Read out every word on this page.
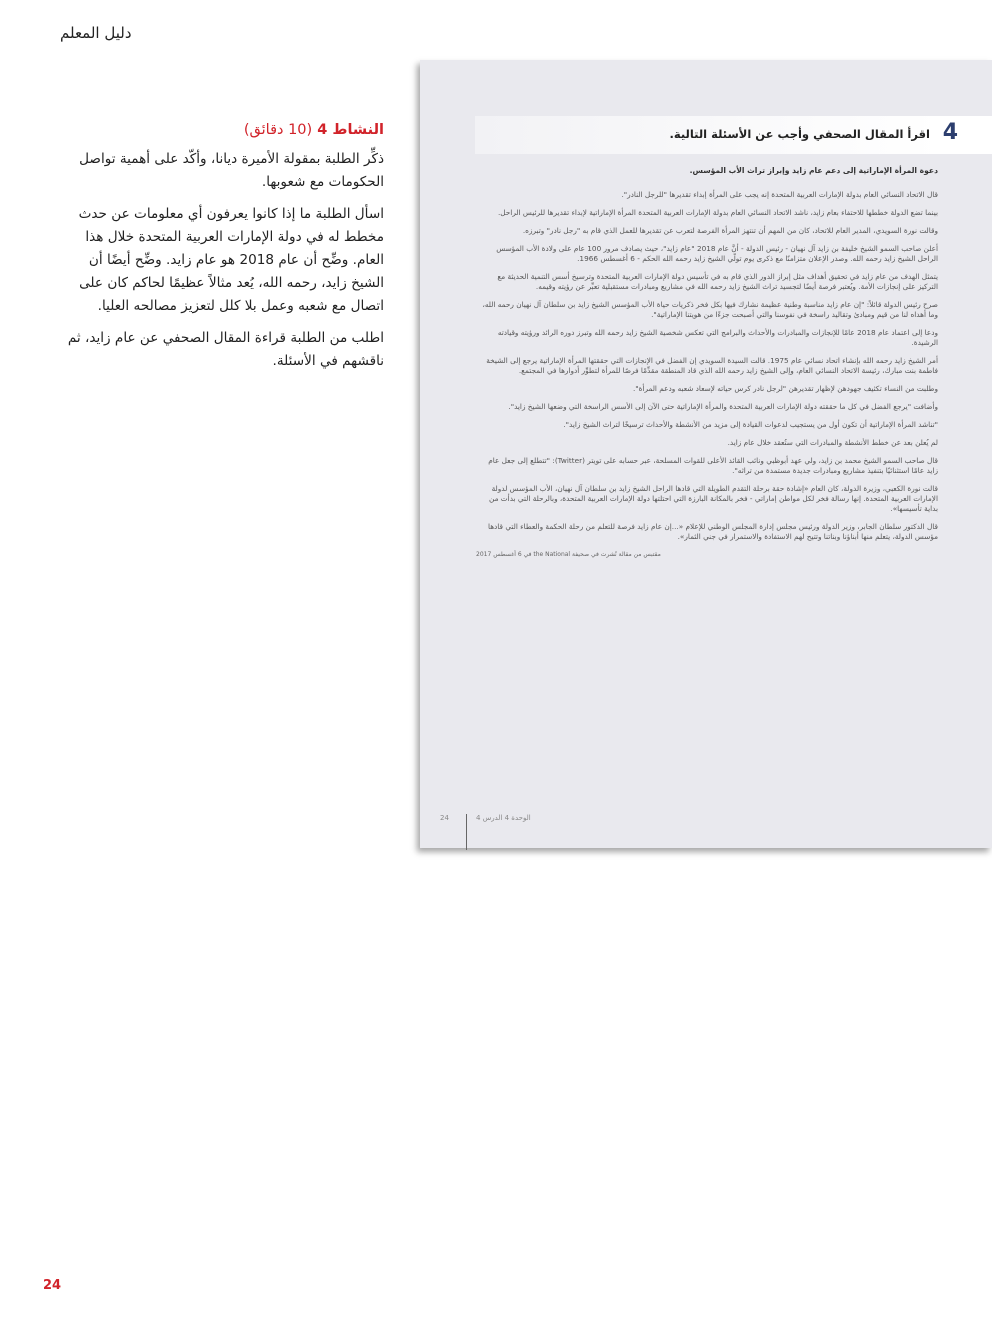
دليل المعلم
النشاط 4 (10 دقائق)

ذكِّر الطلبة بمقولة الأميرة ديانا، وأكّد على أهمية تواصل الحكومات مع شعوبها.

اسأل الطلبة ما إذا كانوا يعرفون أي معلومات عن حدث مخطط له في دولة الإمارات العربية المتحدة خلال هذا العام. وضِّح أن عام 2018 هو عام زايد. وضِّح أيضًا أن الشيخ زايد، رحمه الله، يُعد مثالاً عظيمًا لحاكم كان على اتصال مع شعبه وعمل بلا كلل لتعزيز مصالحه العليا.

اطلب من الطلبة قراءة المقال الصحفي عن عام زايد، ثم ناقشهم في الأسئلة.

4
اقرأ المقال الصحفي وأجب عن الأسئلة التالية.
دعوة المرأة الإماراتية إلى دعم عام زايد وإبراز تراث الأب المؤسس.

قال الاتحاد النسائي العام بدولة الإمارات العربية المتحدة إنه يجب على المرأة إبداء تقديرها "للرجل النادر".

بينما تضع الدولة خططها للاحتفاء بعام زايد، ناشد الاتحاد النسائي العام بدولة الإمارات العربية المتحدة المرأة الإماراتية لإبداء تقديرها للرئيس الراحل.

وقالت نورة السويدي، المدير العام للاتحاد، كان من المهم أن تنتهز المرأة الفرصة لتعرب عن تقديرها للعمل الذي قام به "رجل نادر" وتبرزه.

أعلن صاحب السمو الشيخ خليفة بن زايد آل نهيان - رئيس الدولة - أنَّ عام 2018 "عام زايد"، حيث يصادف مرور 100 عام على ولادة الأب المؤسس الراحل الشيخ زايد رحمه الله. وصدر الإعلان متزامنًا مع ذكرى يوم تولّي الشيخ زايد رحمه الله الحكم - 6 أغسطس 1966.

يتمثل الهدف من عام زايد في تحقيق أهداف مثل إبراز الدور الذي قام به في تأسيس دولة الإمارات العربية المتحدة وترسيخ أسس التنمية الحديثة مع التركيز على إنجازات الأمة. ويُعتبر فرصة أيضًا لتجسيد تراث الشيخ زايد رحمه الله في مشاريع ومبادرات مستقبلية تعبِّر عن رؤيته وقيمه.

صرح رئيس الدولة قائلاً: "إن عام زايد مناسبة وطنية عظيمة نشارك فيها بكل فخر ذكريات حياة الأب المؤسس الشيخ زايد بن سلطان آل نهيان رحمه الله، وما أهداه لنا من قيم ومبادئ وتقاليد راسخة في نفوسنا والتي أصبحت جزءًا من هويتنا الإماراتية".

ودعا إلى اعتماد عام 2018 عامًا للإنجازات والمبادرات والأحداث والبرامج التي تعكس شخصية الشيخ زايد رحمه الله وتبرز دوره الرائد ورؤيته وقيادته الرشيدة.

أمر الشيخ زايد رحمه الله بإنشاء اتحاد نسائي عام 1975. قالت السيدة السويدي إن الفضل في الإنجازات التي حققتها المرأة الإماراتية يرجع إلى الشيخة فاطمة بنت مبارك، رئيسة الاتحاد النسائي العام، وإلى الشيخ زايد رحمه الله الذي قاد المنطقة مقدِّمًا فرصًا للمرأة لتطوِّر أدوارها في المجتمع.

وطلبت من النساء تكثيف جهودهن لإظهار تقديرهن "لرجل نادر كرس حياته لإسعاد شعبه ودعم المرأة".

وأضافت "يرجع الفضل في كل ما حققته دولة الإمارات العربية المتحدة والمرأة الإماراتية حتى الآن إلى الأسس الراسخة التي وضعها الشيخ زايد".

"تناشد المرأة الإماراتية أن تكون أول من يستجيب لدعوات القيادة إلى مزيد من الأنشطة والأحداث ترسيخًا لتراث الشيخ زايد".

لم يُعلن بعد عن خطط الأنشطة والمبادرات التي ستُعقد خلال عام زايد.

قال صاحب السمو الشيخ محمد بن زايد، ولي عهد أبوظبي ونائب القائد الأعلى للقوات المسلحة، عبر حسابه على تويتر (Twitter): "تتطلع إلى جعل عام زايد عامًا استثنائيًا بتنفيذ مشاريع ومبادرات جديدة مستمدة من تراثه".

قالت نورة الكعبي، وزيرة الدولة، كان العام «إشادة حقة برحلة التقدم الطويلة التي قادها الراحل الشيخ زايد بن سلطان آل نهيان، الأب المؤسس لدولة الإمارات العربية المتحدة. إنها رسالة فخر لكل مواطن إماراتي - فخر بالمكانة البارزة التي احتلتها دولة الإمارات العربية المتحدة، وبالرحلة التي بدأت من بداية تأسيسها».

قال الدكتور سلطان الجابر، وزير الدولة ورئيس مجلس إدارة المجلس الوطني للإعلام «...إن عام زايد فرصة للتعلم من رحلة الحكمة والعطاء التي قادها مؤسس الدولة، يتعلم منها أبناؤنا وبناتنا وتتيح لهم الاستفادة والاستمرار في جني الثمار».

مقتبس من مقالة نُشرت في صحيفة the National في 6 أغسطس 2017
24	الوحدة 4 الدرس 4
24
